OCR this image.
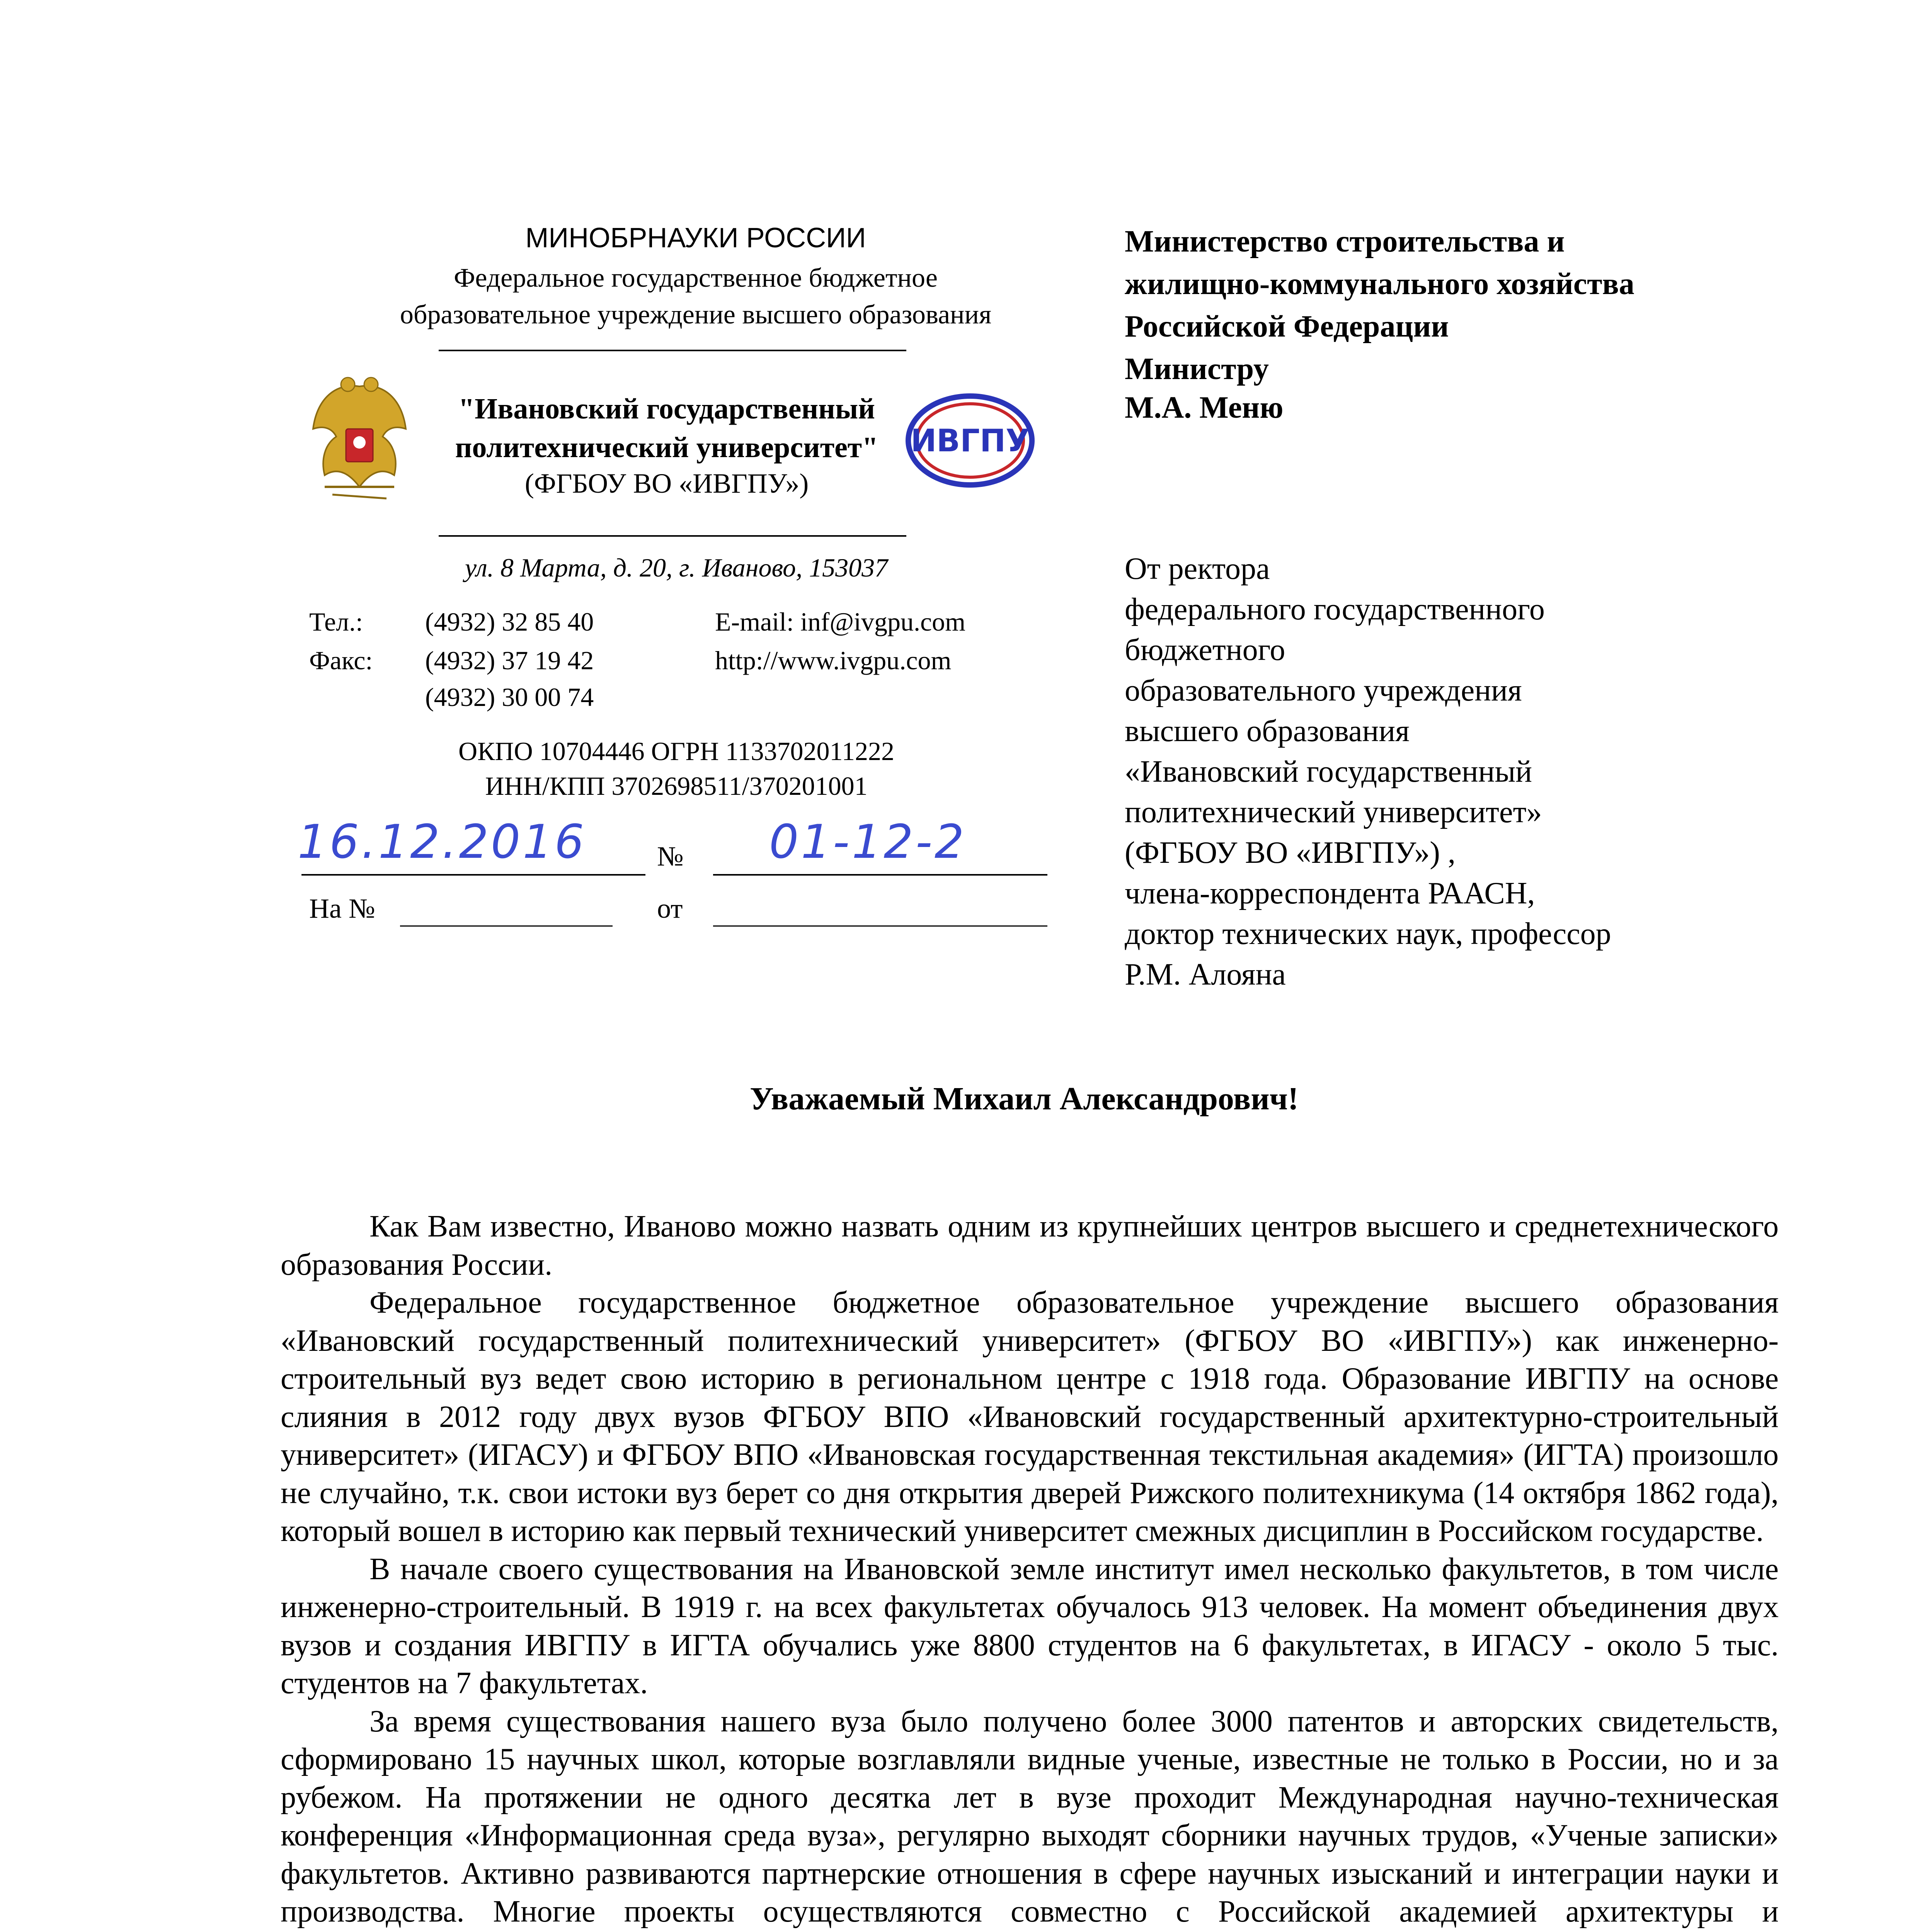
МИНОБРНАУКИ РОССИИ
Федеральное государственное бюджетное
образовательное учреждение высшего образования
"Ивановский государственный
политехнический университет"
(ФГБОУ ВО «ИВГПУ»)
ИВГПУ
ул. 8 Марта, д. 20, г. Иваново, 153037
Тел.: (4932) 32 85 40	E-mail: inf@ivgpu.com
Факс: (4932) 37 19 42	http://www.ivgpu.com
(4932) 30 00 74
ОКПО 10704446 ОГРН 1133702011222
ИНН/КПП 3702698511/370201001
16.12.2016	№ 01-12-2
На №	от
Министерство строительства и
жилищно-коммунального хозяйства
Российской Федерации
Министру
М.А. Меню
От ректора
федерального государственного
бюджетного
образовательного учреждения
высшего образования
«Ивановский государственный
политехнический университет»
(ФГБОУ ВО «ИВГПУ») ,
члена-корреспондента РААСН,
доктор технических наук, профессор
Р.М. Алояна
Уважаемый Михаил Александрович!

Как Вам известно, Иваново можно назвать одним из крупнейших центров высшего и среднетехнического образования России.

Федеральное государственное бюджетное образовательное учреждение высшего образования «Ивановский государственный политехнический университет» (ФГБОУ ВО «ИВГПУ») как инженерно-строительный вуз ведет свою историю в региональном центре с 1918 года. Образование ИВГПУ на основе слияния в 2012 году двух вузов ФГБОУ ВПО «Ивановский государственный архитектурно-строительный университет» (ИГАСУ) и ФГБОУ ВПО «Ивановская государственная текстильная академия» (ИГТА) произошло не случайно, т.к. свои истоки вуз берет со дня открытия дверей Рижского политехникума (14 октября 1862 года), который вошел в историю как первый технический университет смежных дисциплин в Российском государстве.

В начале своего существования на Ивановской земле институт имел несколько факультетов, в том числе инженерно-строительный. В 1919 г. на всех факультетах обучалось 913 человек. На момент объединения двух вузов и создания ИВГПУ в ИГТА обучались уже 8800 студентов на 6 факультетах, в ИГАСУ - около 5 тыс. студентов на 7 факультетах.

За время существования нашего вуза было получено более 3000 патентов и авторских свидетельств, сформировано 15 научных школ, которые возглавляли видные ученые, известные не только в России, но и за рубежом. На протяжении не одного десятка лет в вузе проходит Международная научно-техническая конференция «Информационная среда вуза», регулярно выходят сборники научных трудов, «Ученые записки» факультетов. Активно развиваются партнерские отношения в сфере научных изысканий и интеграции науки и производства. Многие проекты осуществляются совместно с Российской академией архитектуры и
